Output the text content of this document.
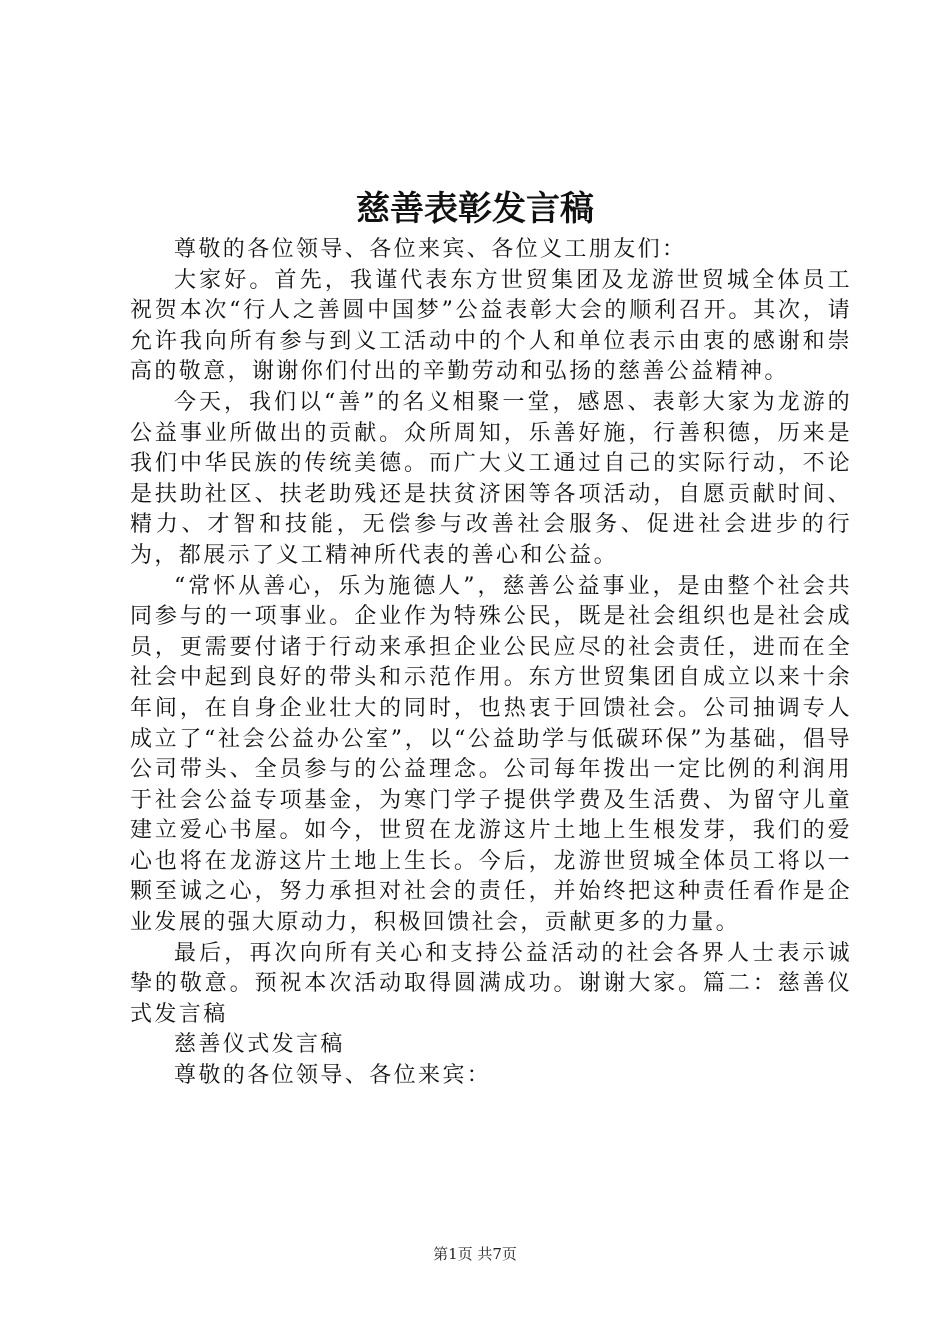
慈善表彰发言稿

尊敬的各位领导、各位来宾、各位义工朋友们：

大家好。首先，我谨代表东方世贸集团及龙游世贸城全体员工祝贺本次“行人之善圆中国梦”公益表彰大会的顺利召开。其次，请允许我向所有参与到义工活动中的个人和单位表示由衷的感谢和崇高的敬意，谢谢你们付出的辛勤劳动和弘扬的慈善公益精神。

今天，我们以“善”的名义相聚一堂，感恩、表彰大家为龙游的公益事业所做出的贡献。众所周知，乐善好施，行善积德，历来是我们中华民族的传统美德。而广大义工通过自己的实际行动，不论是扶助社区、扶老助残还是扶贫济困等各项活动，自愿贡献时间、精力、才智和技能，无偿参与改善社会服务、促进社会进步的行为，都展示了义工精神所代表的善心和公益。

“常怀从善心，乐为施德人”，慈善公益事业，是由整个社会共同参与的一项事业。企业作为特殊公民，既是社会组织也是社会成员，更需要付诸于行动来承担企业公民应尽的社会责任，进而在全社会中起到良好的带头和示范作用。东方世贸集团自成立以来十余年间，在自身企业壮大的同时，也热衷于回馈社会。公司抽调专人成立了“社会公益办公室”，以“公益助学与低碳环保”为基础，倡导公司带头、全员参与的公益理念。公司每年拨出一定比例的利润用于社会公益专项基金，为寒门学子提供学费及生活费、为留守儿童建立爱心书屋。如今，世贸在龙游这片土地上生根发芽，我们的爱心也将在龙游这片土地上生长。今后，龙游世贸城全体员工将以一颗至诚之心，努力承担对社会的责任，并始终把这种责任看作是企业发展的强大原动力，积极回馈社会，贡献更多的力量。

最后，再次向所有关心和支持公益活动的社会各界人士表示诚挚的敬意。预祝本次活动取得圆满成功。谢谢大家。篇二：慈善仪式发言稿

慈善仪式发言稿

尊敬的各位领导、各位来宾：

第1页 共7页
